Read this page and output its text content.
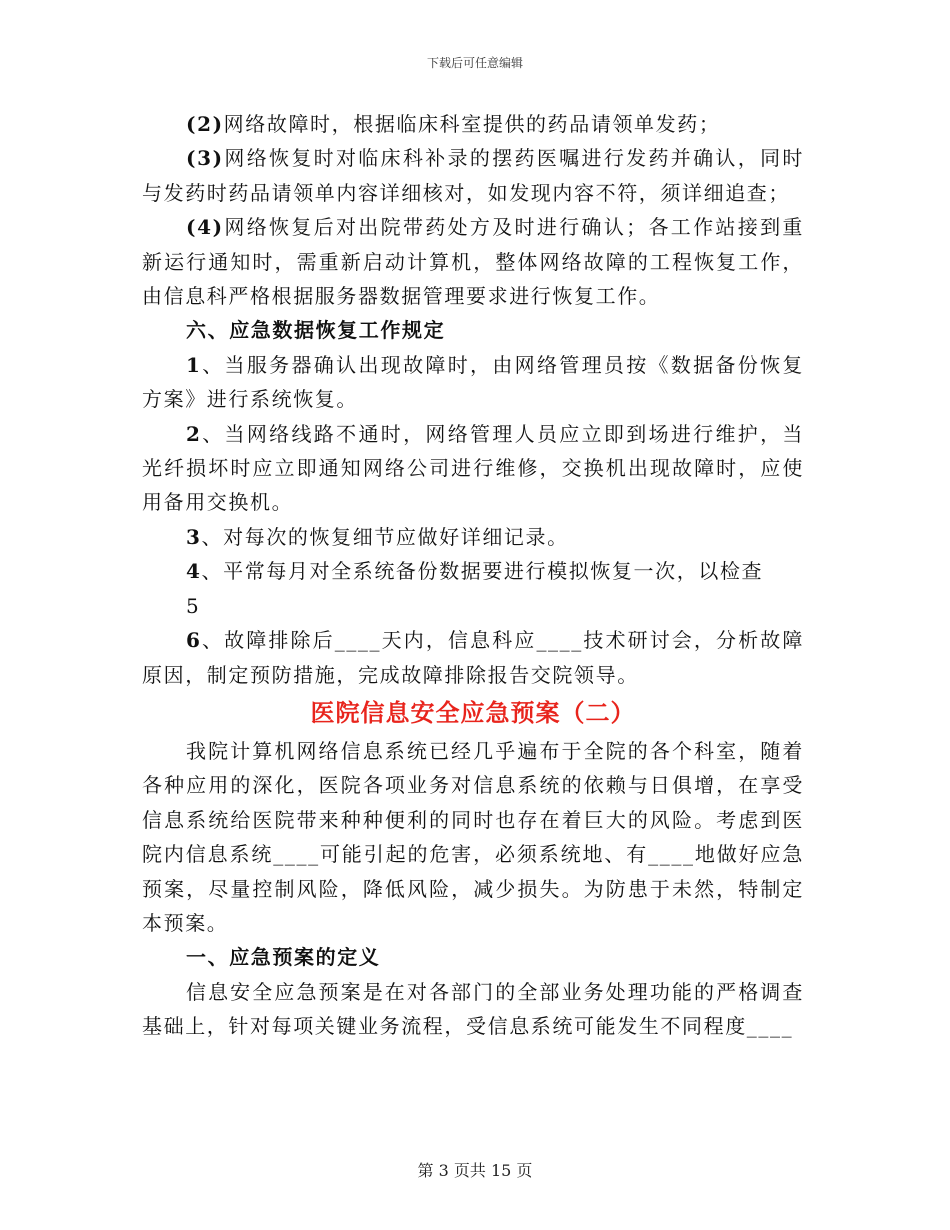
下载后可任意编辑

(2)网络故障时，根据临床科室提供的药品请领单发药；

(3)网络恢复时对临床科补录的摆药医嘱进行发药并确认，同时与发药时药品请领单内容详细核对，如发现内容不符，须详细追查；

(4)网络恢复后对出院带药处方及时进行确认；各工作站接到重新运行通知时，需重新启动计算机，整体网络故障的工程恢复工作，由信息科严格根据服务器数据管理要求进行恢复工作。

六、应急数据恢复工作规定

1、当服务器确认出现故障时，由网络管理员按《数据备份恢复方案》进行系统恢复。

2、当网络线路不通时，网络管理人员应立即到场进行维护，当光纤损坏时应立即通知网络公司进行维修，交换机出现故障时，应使用备用交换机。

3、对每次的恢复细节应做好详细记录。

4、平常每月对全系统备份数据要进行模拟恢复一次，以检查

5

6、故障排除后____天内，信息科应____技术研讨会，分析故障原因，制定预防措施，完成故障排除报告交院领导。

医院信息安全应急预案（二）

我院计算机网络信息系统已经几乎遍布于全院的各个科室，随着各种应用的深化，医院各项业务对信息系统的依赖与日俱增，在享受信息系统给医院带来种种便利的同时也存在着巨大的风险。考虑到医院内信息系统____可能引起的危害，必须系统地、有____地做好应急预案，尽量控制风险，降低风险，减少损失。为防患于未然，特制定本预案。

一、应急预案的定义

信息安全应急预案是在对各部门的全部业务处理功能的严格调查基础上，针对每项关键业务流程，受信息系统可能发生不同程度____

第 3 页共 15 页
